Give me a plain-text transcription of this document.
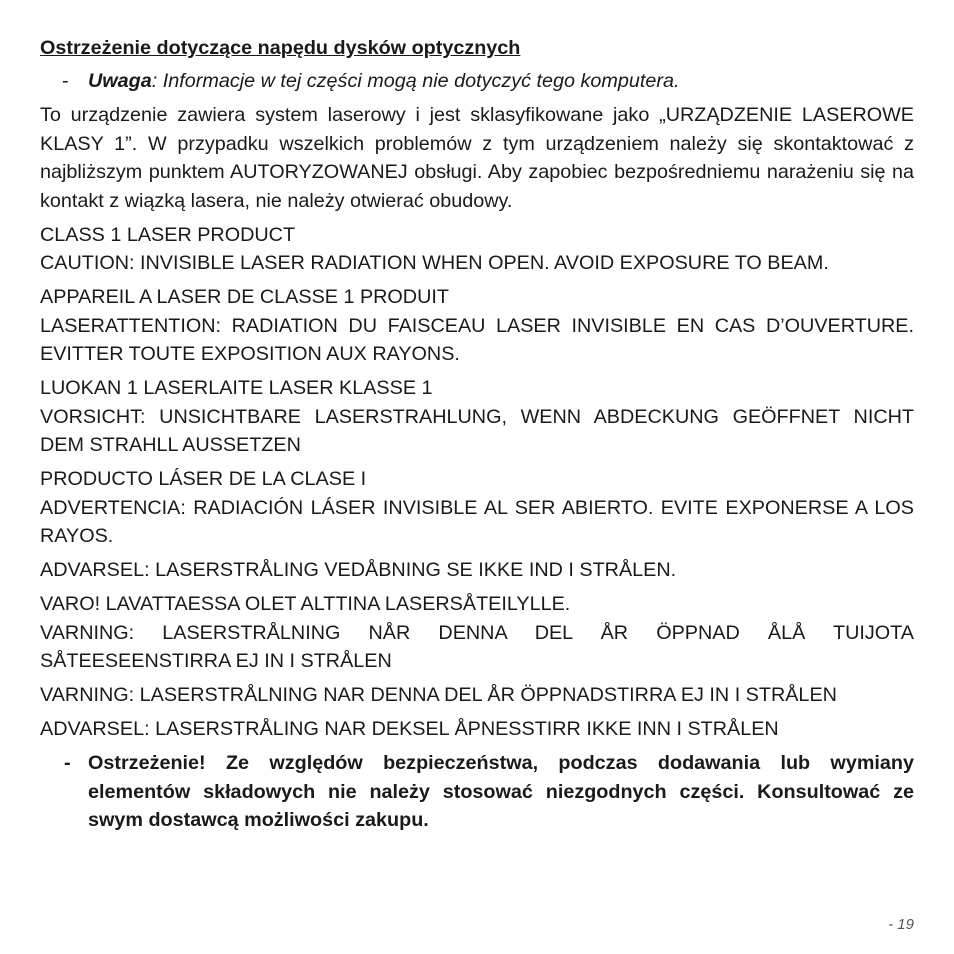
Ostrzeżenie dotyczące napędu dysków optycznych
- Uwaga: Informacje w tej części mogą nie dotyczyć tego komputera.

To urządzenie zawiera system laserowy i jest sklasyfikowane jako „URZĄDZENIE LASEROWE KLASY 1”. W przypadku wszelkich problemów z tym urządzeniem należy się skontaktować z najbliższym punktem AUTORYZOWANEJ obsługi. Aby zapobiec bezpośredniemu narażeniu się na kontakt z wiązką lasera, nie należy otwierać obudowy.

CLASS 1 LASER PRODUCT
CAUTION: INVISIBLE LASER RADIATION WHEN OPEN. AVOID EXPOSURE TO BEAM.
APPAREIL A LASER DE CLASSE 1 PRODUIT
LASERATTENTION: RADIATION DU FAISCEAU LASER INVISIBLE EN CAS D’OUVERTURE. EVITTER TOUTE EXPOSITION AUX RAYONS.
LUOKAN 1 LASERLAITE LASER KLASSE 1
VORSICHT: UNSICHTBARE LASERSTRAHLUNG, WENN ABDECKUNG GEÖFFNET NICHT DEM STRAHLL AUSSETZEN
PRODUCTO LÁSER DE LA CLASE I
ADVERTENCIA: RADIACIÓN LÁSER INVISIBLE AL SER ABIERTO. EVITE EXPONERSE A LOS RAYOS.
ADVARSEL: LASERSTRÅLING VEDÅBNING SE IKKE IND I STRÅLEN.
VARO! LAVATTAESSA OLET ALTTINA LASERSÅTEILYLLE.
VARNING: LASERSTRÅLNING NÅR DENNA DEL ÅR ÖPPNAD ÅLÅ TUIJOTA SÅTEESEENSTIRRA EJ IN I STRÅLEN
VARNING: LASERSTRÅLNING NAR DENNA DEL ÅR ÖPPNADSTIRRA EJ IN I STRÅLEN
ADVARSEL: LASERSTRÅLING NAR DEKSEL ÅPNESSTIRR IKKE INN I STRÅLEN
- Ostrzeżenie! Ze względów bezpieczeństwa, podczas dodawania lub wymiany elementów składowych nie należy stosować niezgodnych części. Konsultować ze swym dostawcą możliwości zakupu.
- 19
